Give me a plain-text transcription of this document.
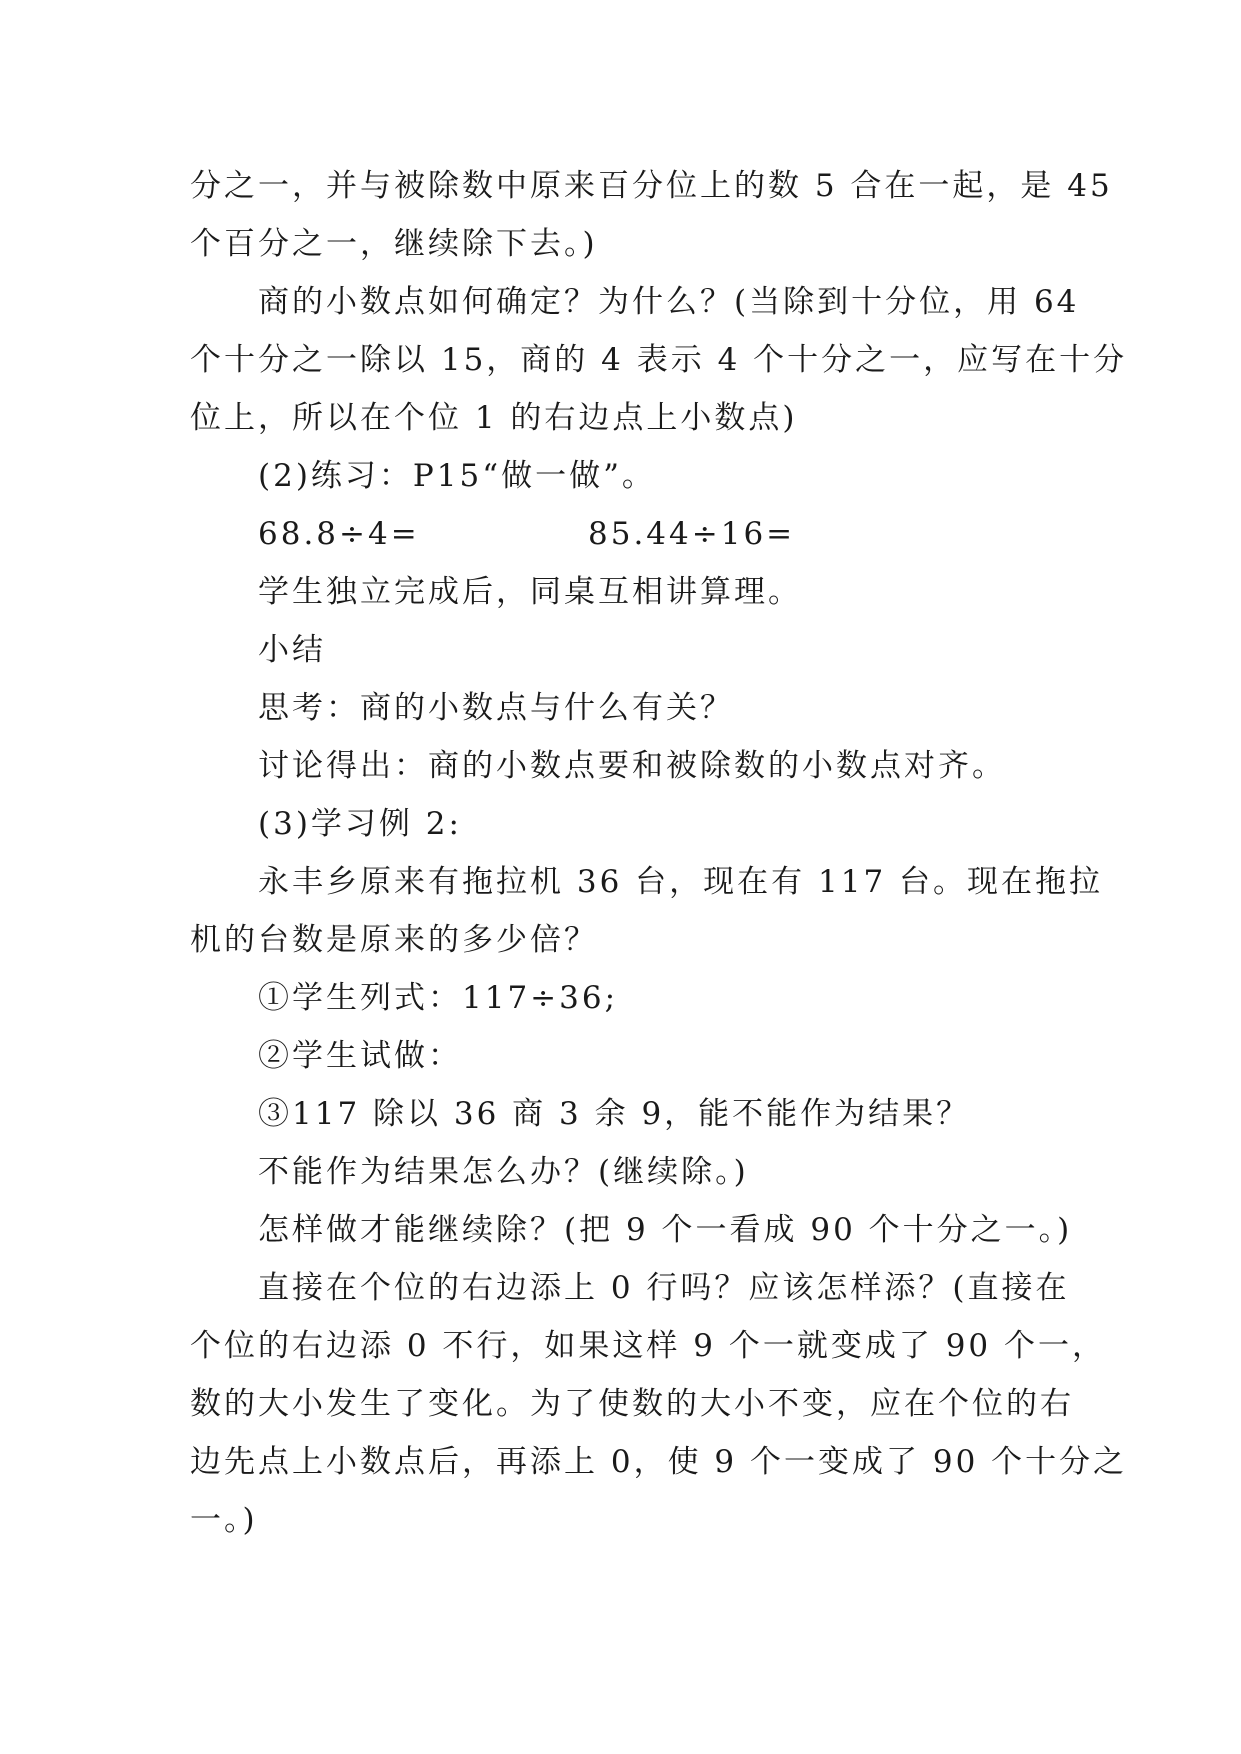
分之一，并与被除数中原来百分位上的数 5 合在一起，是 45
个百分之一，继续除下去。)
商的小数点如何确定？为什么？(当除到十分位，用 64
个十分之一除以 15，商的 4 表示 4 个十分之一，应写在十分
位上，所以在个位 1 的右边点上小数点)
(2)练习：P15“做一做”。
68.8÷4=	85.44÷16=
学生独立完成后，同桌互相讲算理。
小结
思考：商的小数点与什么有关？
讨论得出：商的小数点要和被除数的小数点对齐。
(3)学习例 2:
永丰乡原来有拖拉机 36 台，现在有 117 台。现在拖拉
机的台数是原来的多少倍？
①学生列式：117÷36;
②学生试做：
③117 除以 36 商 3 余 9，能不能作为结果？
不能作为结果怎么办？(继续除。)
怎样做才能继续除？(把 9 个一看成 90 个十分之一。)
直接在个位的右边添上 0 行吗？应该怎样添？(直接在
个位的右边添 0 不行，如果这样 9 个一就变成了 90 个一，
数的大小发生了变化。为了使数的大小不变，应在个位的右
边先点上小数点后，再添上 0，使 9 个一变成了 90 个十分之
一。)
